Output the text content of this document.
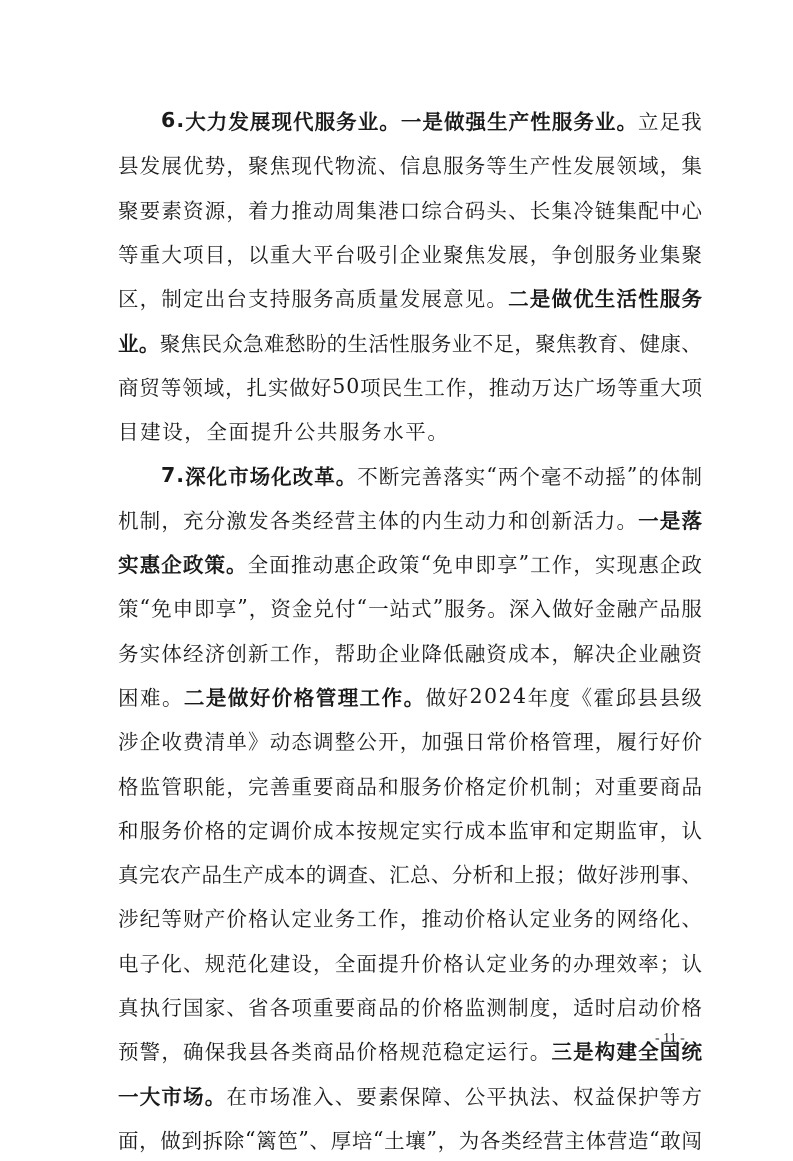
6 . 大 力 发 展 现 代 服 务 业 。 一 是 做 强 生 产 性 服 务 业 。 立 足 我
县 发 展 优 势 ， 聚 焦 现 代 物 流 、 信 息 服 务 等 生 产 性 发 展 领 域 ， 集
聚 要 素 资 源 ， 着 力 推 动 周 集 港 口 综 合 码 头 、 长 集 冷 链 集 配 中 心
等 重 大 项 目 ， 以 重 大 平 台 吸 引 企 业 聚 焦 发 展 ， 争 创 服 务 业 集 聚
区 ， 制 定 出 台 支 持 服 务 高 质 量 发 展 意 见 。 二 是 做 优 生 活 性 服 务
业 。 聚 焦 民 众 急 难 愁 盼 的 生 活 性 服 务 业 不 足 ， 聚 焦 教 育 、 健 康 、
商 贸 等 领 域 ， 扎 实 做 好 5 0 项 民 生 工 作 ， 推 动 万 达 广 场 等 重 大 项
目 建 设 ， 全 面 提 升 公 共 服 务 水 平 。
7 . 深 化 市 场 化 改 革 。 不 断 完 善 落 实 “ 两 个 毫 不 动 摇 ” 的 体 制
机 制 ， 充 分 激 发 各 类 经 营 主 体 的 内 生 动 力 和 创 新 活 力 。 一 是 落
实 惠 企 政 策 。 全 面 推 动 惠 企 政 策 “ 免 申 即 享 ” 工 作 ， 实 现 惠 企 政
策 “ 免 申 即 享 ” ， 资 金 兑 付 “ 一 站 式 ” 服 务 。 深 入 做 好 金 融 产 品 服
务 实 体 经 济 创 新 工 作 ， 帮 助 企 业 降 低 融 资 成 本 ， 解 决 企 业 融 资
困 难 。 二 是 做 好 价 格 管 理 工 作 。 做 好 2 0 2 4 年 度 《 霍 邱 县 县 级
涉 企 收 费 清 单 》 动 态 调 整 公 开 ， 加 强 日 常 价 格 管 理 ， 履 行 好 价
格 监 管 职 能 ， 完 善 重 要 商 品 和 服 务 价 格 定 价 机 制 ； 对 重 要 商 品
和 服 务 价 格 的 定 调 价 成 本 按 规 定 实 行 成 本 监 审 和 定 期 监 审 ， 认
真 完 农 产 品 生 产 成 本 的 调 查 、 汇 总 、 分 析 和 上 报 ； 做 好 涉 刑 事 、
涉 纪 等 财 产 价 格 认 定 业 务 工 作 ， 推 动 价 格 认 定 业 务 的 网 络 化 、
电 子 化 、 规 范 化 建 设 ， 全 面 提 升 价 格 认 定 业 务 的 办 理 效 率 ； 认
真 执 行 国 家 、 省 各 项 重 要 商 品 的 价 格 监 测 制 度 ， 适 时 启 动 价 格
预 警 ， 确 保 我 县 各 类 商 品 价 格 规 范 稳 定 运 行 。 三 是 构 建 全 国 统
一 大 市 场 。 在 市 场 准 入 、 要 素 保 障 、 公 平 执 法 、 权 益 保 护 等 方
面 ， 做 到 拆 除 “ 篱 笆 ” 、 厚 培 “ 土 壤 ” ， 为 各 类 经 营 主 体 营 造 “ 敢 闯
- 11 -
